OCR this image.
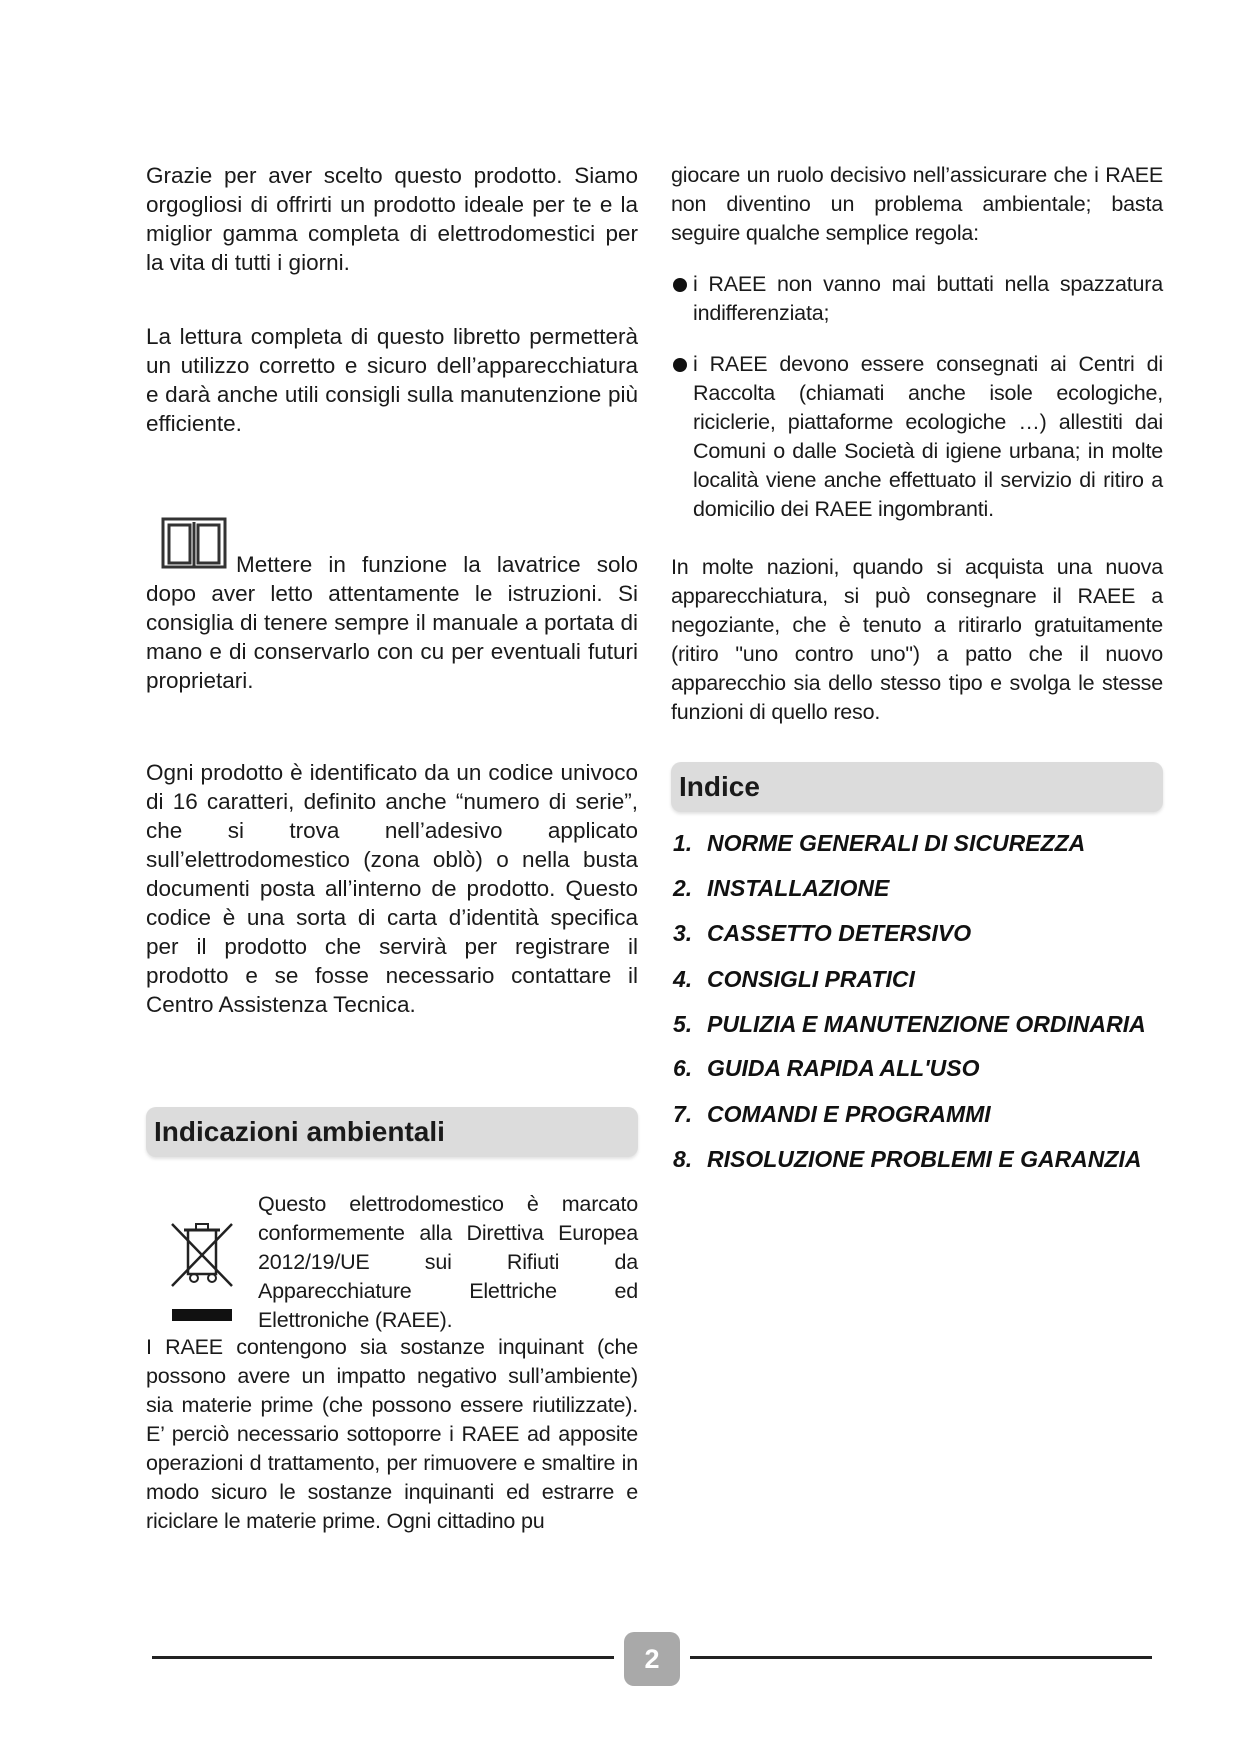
Grazie per aver scelto questo prodotto. Siamo orgogliosi di offrirti un prodotto ideale per te e la miglior gamma completa di elettrodomestici per la vita di tutti i giorni.

La lettura completa di questo libretto permetterà un utilizzo corretto e sicuro dell’apparecchiatura e darà anche utili consigli sulla manutenzione più efficiente.

Mettere in funzione la lavatrice solo dopo aver letto attentamente le istruzioni. Si consiglia di tenere sempre il manuale a portata di mano e di conservarlo con cu per eventuali futuri proprietari.

Ogni prodotto è identificato da un codice univoco di 16 caratteri, definito anche “numero di serie”, che si trova nell’adesivo applicato sull’elettrodomestico (zona oblò) o nella busta documenti posta all’interno de prodotto. Questo codice è una sorta di carta d’identità specifica per il prodotto che servirà per registrare il prodotto e se fosse necessario contattare il Centro Assistenza Tecnica.

Indicazioni ambientali

Questo elettrodomestico è marcato conformemente alla Direttiva Europea 2012/19/UE sui Rifiuti da Apparecchiature Elettriche ed Elettroniche (RAEE).

I RAEE contengono sia sostanze inquinant (che possono avere un impatto negativo sull’ambiente) sia materie prime (che possono essere riutilizzate). E’ perciò necessario sottoporre i RAEE ad apposite operazioni d trattamento, per rimuovere e smaltire in modo sicuro le sostanze inquinanti ed estrarre e riciclare le materie prime. Ogni cittadino pu

giocare un ruolo decisivo nell’assicurare che i RAEE non diventino un problema ambientale; basta seguire qualche semplice regola:

i RAEE non vanno mai buttati nella spazzatura indifferenziata;
i RAEE devono essere consegnati ai Centri di Raccolta (chiamati anche isole ecologiche, riciclerie, piattaforme ecologiche …) allestiti dai Comuni o dalle Società di igiene urbana; in molte località viene anche effettuato il servizio di ritiro a domicilio dei RAEE ingombranti.

In molte nazioni, quando si acquista una nuova apparecchiatura, si può consegnare il RAEE a negoziante, che è tenuto a ritirarlo gratuitamente (ritiro "uno contro uno") a patto che il nuovo apparecchio sia dello stesso tipo e svolga le stesse funzioni di quello reso.

Indice
1. NORME GENERALI DI SICUREZZA
2. INSTALLAZIONE
3. CASSETTO DETERSIVO
4. CONSIGLI PRATICI
5. PULIZIA E MANUTENZIONE ORDINARIA
6. GUIDA RAPIDA ALL'USO
7. COMANDI E PROGRAMMI
8. RISOLUZIONE PROBLEMI E GARANZIA
2
